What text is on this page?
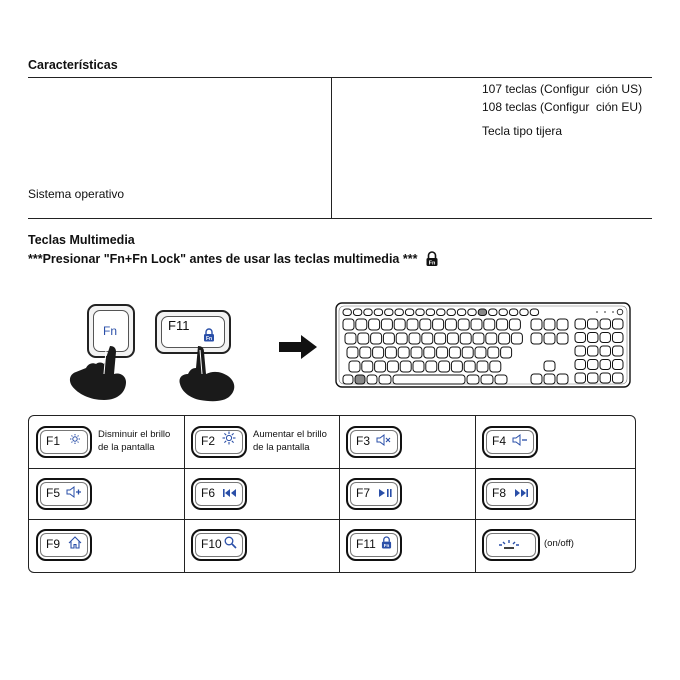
Características
107 teclas (Configur  ción US)
108 teclas (Configur  ción EU)
Tecla tipo tijera
Sistema operativo
Teclas Multimedia
***Presionar "Fn+Fn Lock" antes de usar las teclas multimedia *** Fn
Fn	F11
Fn
F1	Disminuir el brillo
de la pantalla	F2	Aumentar el brillo
de la pantalla	F3	F4
F5	F6	F7	F8
F9	F10	F11 Fn	(on/off)
